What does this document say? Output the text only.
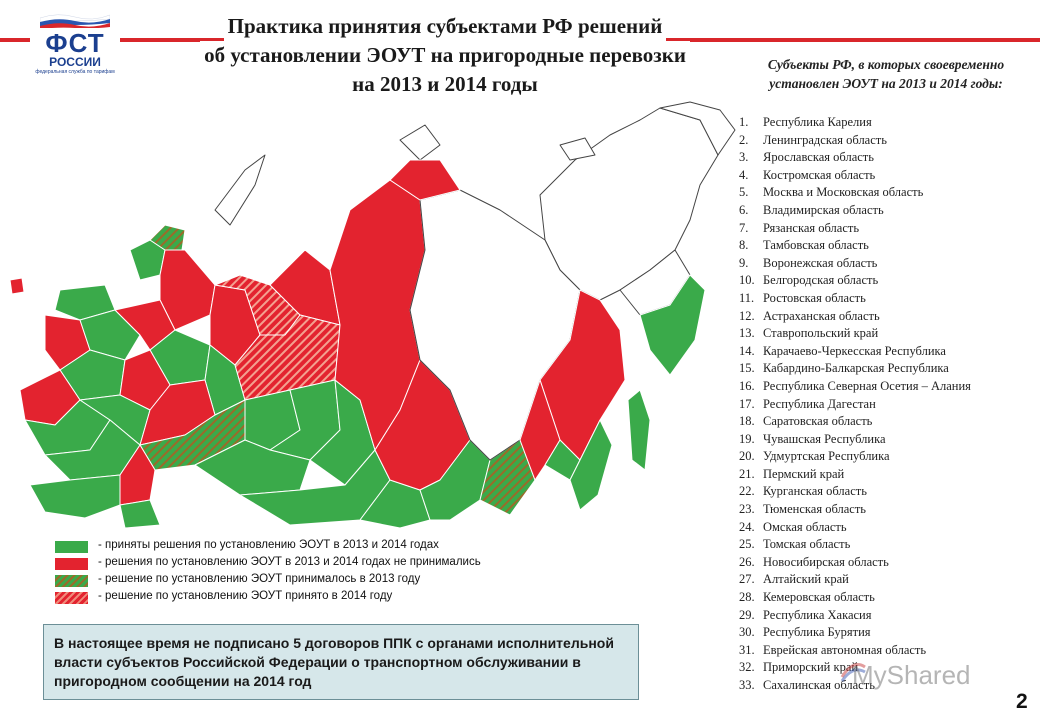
ФСТ
РОССИИ
федеральная служба по тарифам
Практика принятия субъектами РФ решений
об установлении ЭОУТ на пригородные перевозки
на 2013 и 2014 годы
Субъекты РФ, в которых своевременно установлен ЭОУТ на 2013 и 2014 годы:
1. Республика Карелия
2. Ленинградская область
3. Ярославская область
4. Костромская область
5. Москва и Московская область
6. Владимирская область
7. Рязанская область
8. Тамбовская область
9. Воронежская область
10. Белгородская область
11. Ростовская область
12. Астраханская область
13. Ставропольский край
14. Карачаево-Черкесская Республика
15. Кабардино-Балкарская Республика
16. Республика Северная Осетия – Алания
17. Республика Дагестан
18. Саратовская область
19. Чувашская Республика
20. Удмуртская Республика
21. Пермский край
22. Курганская область
23. Тюменская область
24. Омская область
25. Томская область
26. Новосибирская область
27. Алтайский край
28. Кемеровская область
29. Республика Хакасия
30. Республика Бурятия
31. Еврейская автономная область
32. Приморский край
33. Сахалинская область
- приняты решения по установлению ЭОУТ в 2013 и 2014 годах
- решения по установлению ЭОУТ в 2013 и 2014 годах не принимались
- решение по установлению ЭОУТ принималось в 2013 году
- решение по установлению ЭОУТ принято в 2014 году
В настоящее время не подписано 5 договоров ППК с органами исполнительной власти субъектов Российской Федерации о транспортном обслуживании в пригородном сообщении на 2014 год	MyShared
2
